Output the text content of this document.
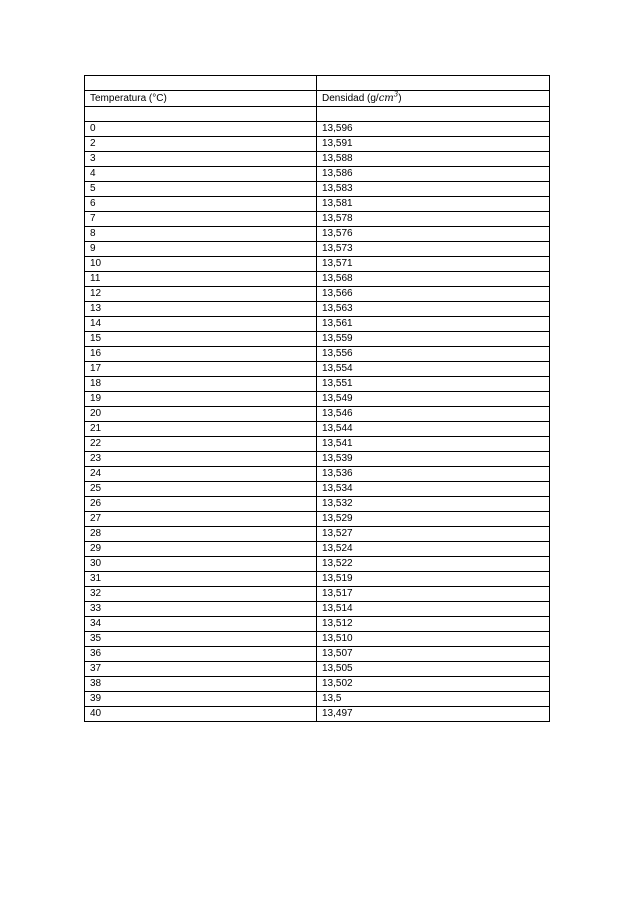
Temperatura (°C)	Densidad $(g/cm^3)$

0	13,596
2	13,591
3	13,588
4	13,586
5	13,583
6	13,581
7	13,578
8	13,576
9	13,573
10	13,571
11	13,568
12	13,566
13	13,563
14	13,561
15	13,559
16	13,556
17	13,554
18	13,551
19	13,549
20	13,546
21	13,544
22	13,541
23	13,539
24	13,536
25	13,534
26	13,532
27	13,529
28	13,527
29	13,524
30	13,522
31	13,519
32	13,517
33	13,514
34	13,512
35	13,510
36	13,507
37	13,505
38	13,502
39	13,5
40	13,497
